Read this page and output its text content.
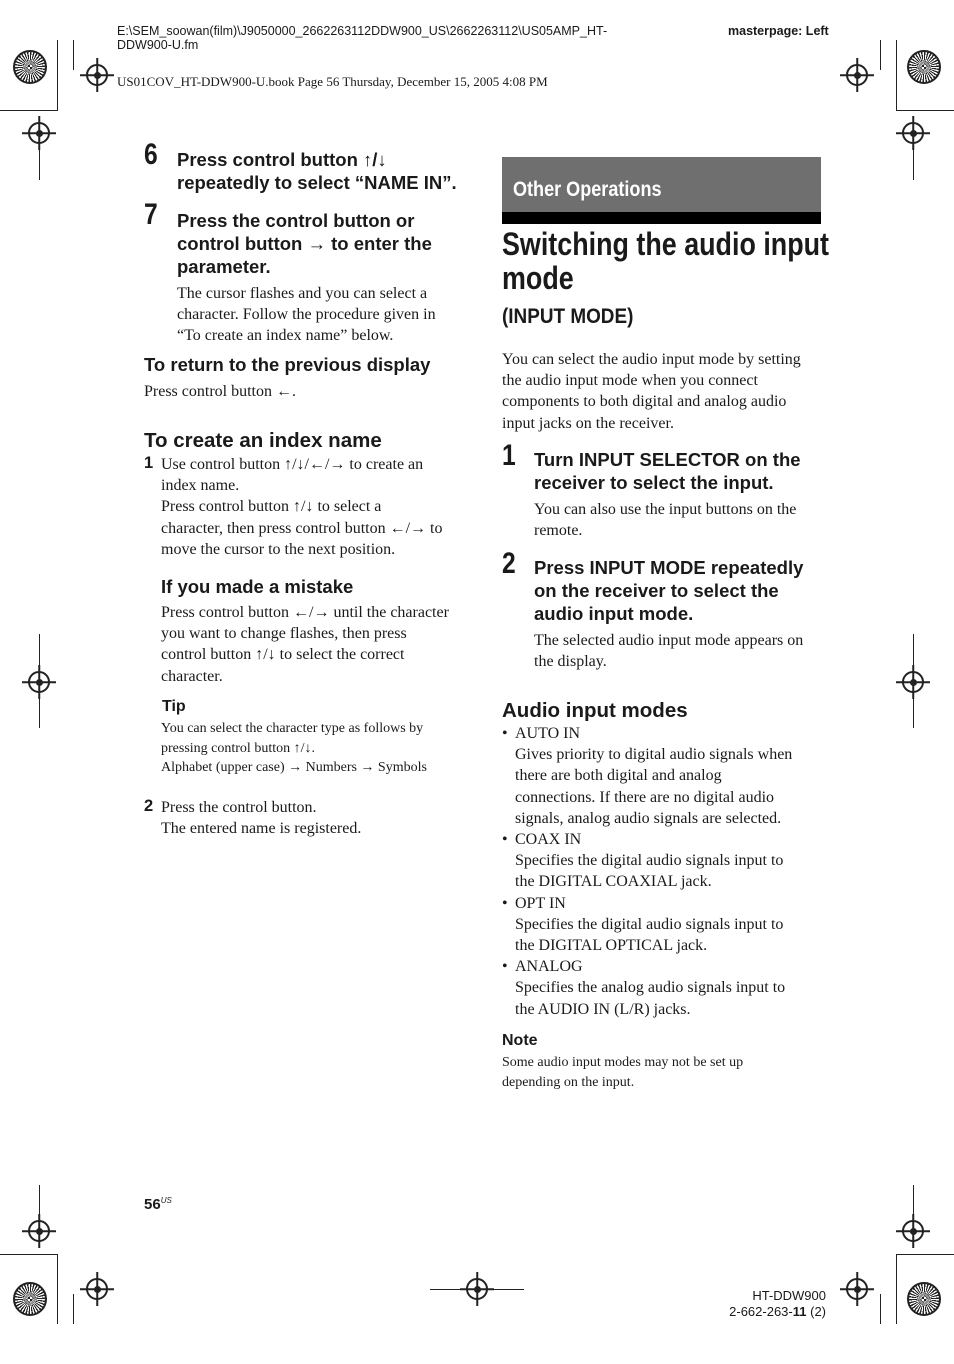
E:\SEM_soowan(film)\J9050000_2662263112DDW900_US\2662263112\US05AMP_HT-
DDW900-U.fm
masterpage: Left
US01COV_HT-DDW900-U.book Page 56 Thursday, December 15, 2005 4:08 PM
6 Press control button ↑/↓
repeatedly to select “NAME IN”.
7 Press the control button or
control button → to enter the
parameter.
The cursor flashes and you can select a
character. Follow the procedure given in
“To create an index name” below.
To return to the previous display
Press control button ←.
To create an index name
1 Use control button ↑/↓/←/→ to create an
index name.
Press control button ↑/↓ to select a
character, then press control button ←/→ to
move the cursor to the next position.
If you made a mistake
Press control button ←/→ until the character
you want to change flashes, then press
control button ↑/↓ to select the correct
character.
Tip
You can select the character type as follows by
pressing control button ↑/↓.
Alphabet (upper case) → Numbers → Symbols
2 Press the control button.
The entered name is registered.
Other Operations
Switching the audio input
mode
(INPUT MODE)
You can select the audio input mode by setting
the audio input mode when you connect
components to both digital and analog audio
input jacks on the receiver.
1 Turn INPUT SELECTOR on the
receiver to select the input.
You can also use the input buttons on the
remote.
2 Press INPUT MODE repeatedly
on the receiver to select the
audio input mode.
The selected audio input mode appears on
the display.
Audio input modes
• AUTO IN
Gives priority to digital audio signals when
there are both digital and analog
connections. If there are no digital audio
signals, analog audio signals are selected.
• COAX IN
Specifies the digital audio signals input to
the DIGITAL COAXIAL jack.
• OPT IN
Specifies the digital audio signals input to
the DIGITAL OPTICAL jack.
• ANALOG
Specifies the analog audio signals input to
the AUDIO IN (L/R) jacks.
Note
Some audio input modes may not be set up
depending on the input.
$56^{US}$
HT-DDW900
2-662-263-11 (2)
